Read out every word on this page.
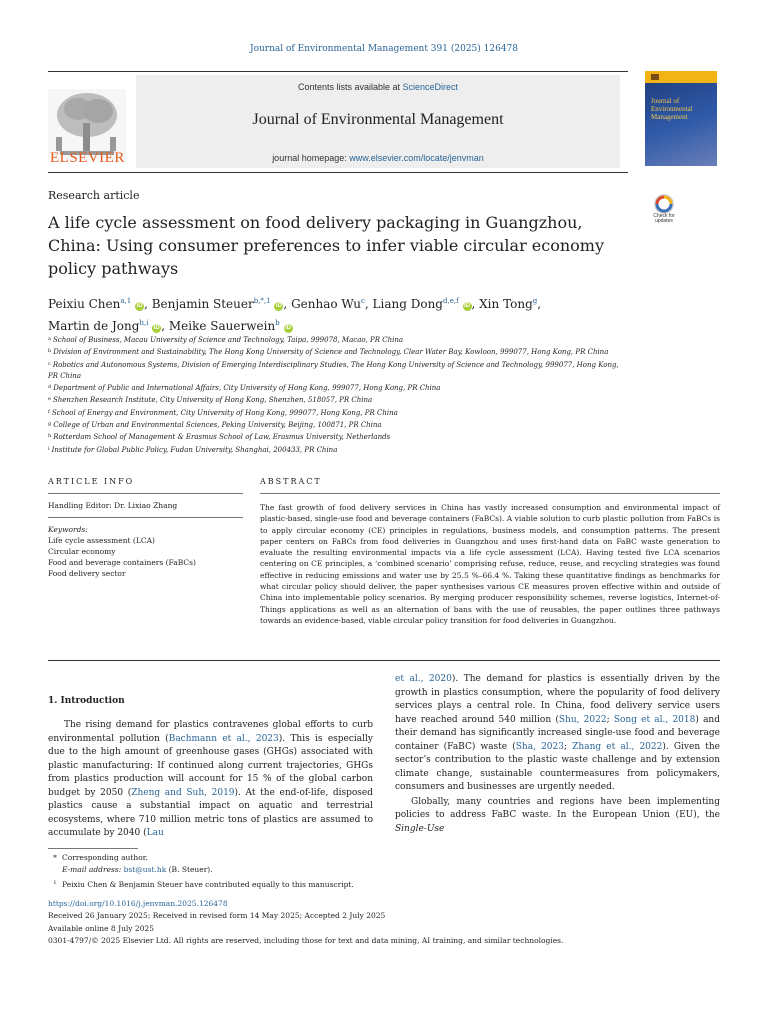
Journal of Environmental Management 391 (2025) 126478
ELSEVIER
Contents lists available at ScienceDirect
Journal of Environmental Management
journal homepage: www.elsevier.com/locate/jenvman
Journal of Environmental Management
Research article
A life cycle assessment on food delivery packaging in Guangzhou, China: Using consumer preferences to infer viable circular economy policy pathways
Check for updates
Peixiu Chen$^{a,1}$ iD , Benjamin Steuer$^{b,*,1}$ iD , Genhao Wu$^c$, Liang Dong$^{d,e,f}$ iD , Xin Tong$^g$,
Martin de Jong$^{h,i}$ iD , Meike Sauerwein$^b$ iD
$^a$ School of Business, Macau University of Science and Technology, Taipa, 999078, Macao, PR China
$^b$ Division of Environment and Sustainability, The Hong Kong University of Science and Technology, Clear Water Bay, Kowloon, 999077, Hong Kong, PR China
$^c$ Robotics and Autonomous Systems, Division of Emerging Interdisciplinary Studies, The Hong Kong University of Science and Technology, 999077, Hong Kong, PR China
$^d$ Department of Public and International Affairs, City University of Hong Kong, 999077, Hong Kong, PR China
$^e$ Shenzhen Research Institute, City University of Hong Kong, Shenzhen, 518057, PR China
$^f$ School of Energy and Environment, City University of Hong Kong, 999077, Hong Kong, PR China
$^g$ College of Urban and Environmental Sciences, Peking University, Beijing, 100871, PR China
$^h$ Rotterdam School of Management & Erasmus School of Law, Erasmus University, Netherlands
$^i$ Institute for Global Public Policy, Fudan University, Shanghai, 200433, PR China
ARTICLE INFO	ABSTRACT
Handling Editor: Dr. Lixiao Zhang
Keywords:
Life cycle assessment (LCA)
Circular economy
Food and beverage containers (FaBCs)
Food delivery sector
The fast growth of food delivery services in China has vastly increased consumption and environmental impact of plastic-based, single-use food and beverage containers (FaBCs). A viable solution to curb plastic pollution from FaBCs is to apply circular economy (CE) principles in regulations, business models, and consumption patterns. The present paper centers on FaBCs from food deliveries in Guangzhou and uses first-hand data on FaBC waste generation to evaluate the resulting environmental impacts via a life cycle assessment (LCA). Having tested five LCA scenarios centering on CE principles, a ‘combined scenario’ comprising refuse, reduce, reuse, and recycling strategies was found effective in reducing emissions and water use by 25.5 %–66.4 %. Taking these quantitative findings as benchmarks for what circular policy should deliver, the paper synthesises various CE measures proven effective within and outside of China into implementable policy scenarios. By merging producer responsibility schemes, reverse logistics, Internet-of-Things applications as well as an alternation of bans with the use of reusables, the paper outlines three pathways towards an evidence-based, viable circular policy transition for food deliveries in Guangzhou.
1. Introduction

The rising demand for plastics contravenes global efforts to curb environmental pollution (Bachmann et al., 2023). This is especially due to the high amount of greenhouse gases (GHGs) associated with plastic manufacturing: If continued along current trajectories, GHGs from plastics production will account for 15 % of the global carbon budget by 2050 (Zheng and Suh, 2019). At the end-of-life, disposed plastics cause a substantial impact on aquatic and terrestrial ecosystems, where 710 million metric tons of plastics are assumed to accumulate by 2040 (Lau

et al., 2020). The demand for plastics is essentially driven by the growth in plastics consumption, where the popularity of food delivery services plays a central role. In China, food delivery service users have reached around 540 million (Shu, 2022; Song et al., 2018) and their demand has significantly increased single-use food and beverage container (FaBC) waste (Sha, 2023; Zhang et al., 2022). Given the sector’s contribution to the plastic waste challenge and by extension climate change, sustainable countermeasures from policymakers, consumers and businesses are urgently needed.

Globally, many countries and regions have been implementing policies to address FaBC waste. In the European Union (EU), the Single-Use

* Corresponding author.
E-mail address: bst@ust.hk (B. Steuer).
1 Peixiu Chen & Benjamin Steuer have contributed equally to this manuscript.
https://doi.org/10.1016/j.jenvman.2025.126478
Received 26 January 2025; Received in revised form 14 May 2025; Accepted 2 July 2025
Available online 8 July 2025
0301-4797/© 2025 Elsevier Ltd. All rights are reserved, including those for text and data mining, AI training, and similar technologies.
